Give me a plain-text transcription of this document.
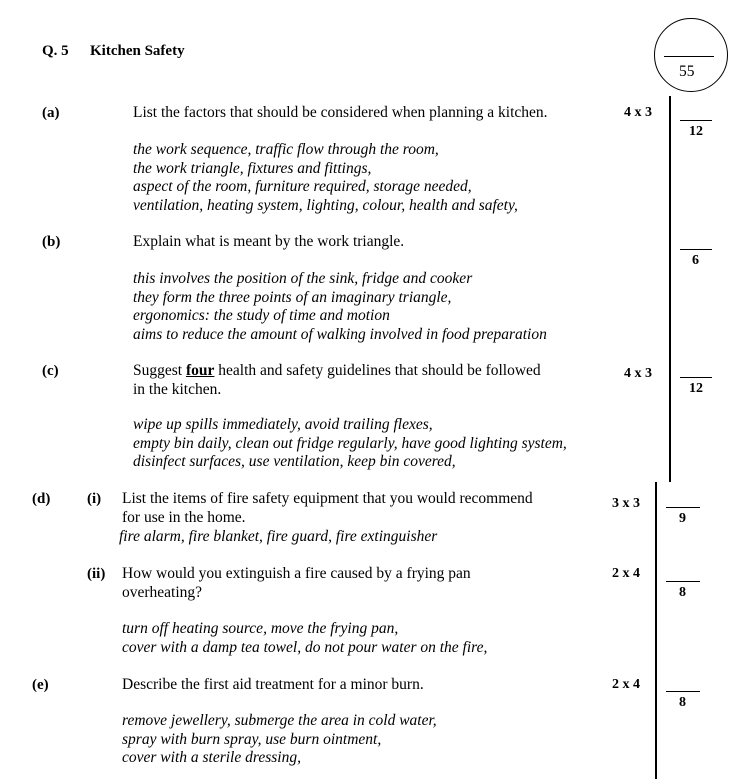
Q. 5 Kitchen Safety
55
(a)	List the factors that should be considered when planning a kitchen.	4 x 3
12
the work sequence, traffic flow through the room,
the work triangle, fixtures and fittings,
aspect of the room, furniture required, storage needed,
ventilation, heating system, lighting, colour, health and safety,
(b)	Explain what is meant by the work triangle.
6
this involves the position of the sink, fridge and cooker
they form the three points of an imaginary triangle,
ergonomics: the study of time and motion
aims to reduce the amount of walking involved in food preparation
(c)	Suggest four health and safety guidelines that should be followed
in the kitchen.
4 x 3
12
wipe up spills immediately, avoid trailing flexes,
empty bin daily, clean out fridge regularly, have good lighting system,
disinfect surfaces, use ventilation, keep bin covered,
(d) (i) List the items of fire safety equipment that you would recommend
for use in the home.
fire alarm, fire blanket, fire guard, fire extinguisher
3 x 3
9
(ii) How would you extinguish a fire caused by a frying pan
overheating?
2 x 4
8
turn off heating source, move the frying pan,
cover with a damp tea towel, do not pour water on the fire,
(e)	Describe the first aid treatment for a minor burn.	2 x 4
8
remove jewellery, submerge the area in cold water,
spray with burn spray, use burn ointment,
cover with a sterile dressing,
